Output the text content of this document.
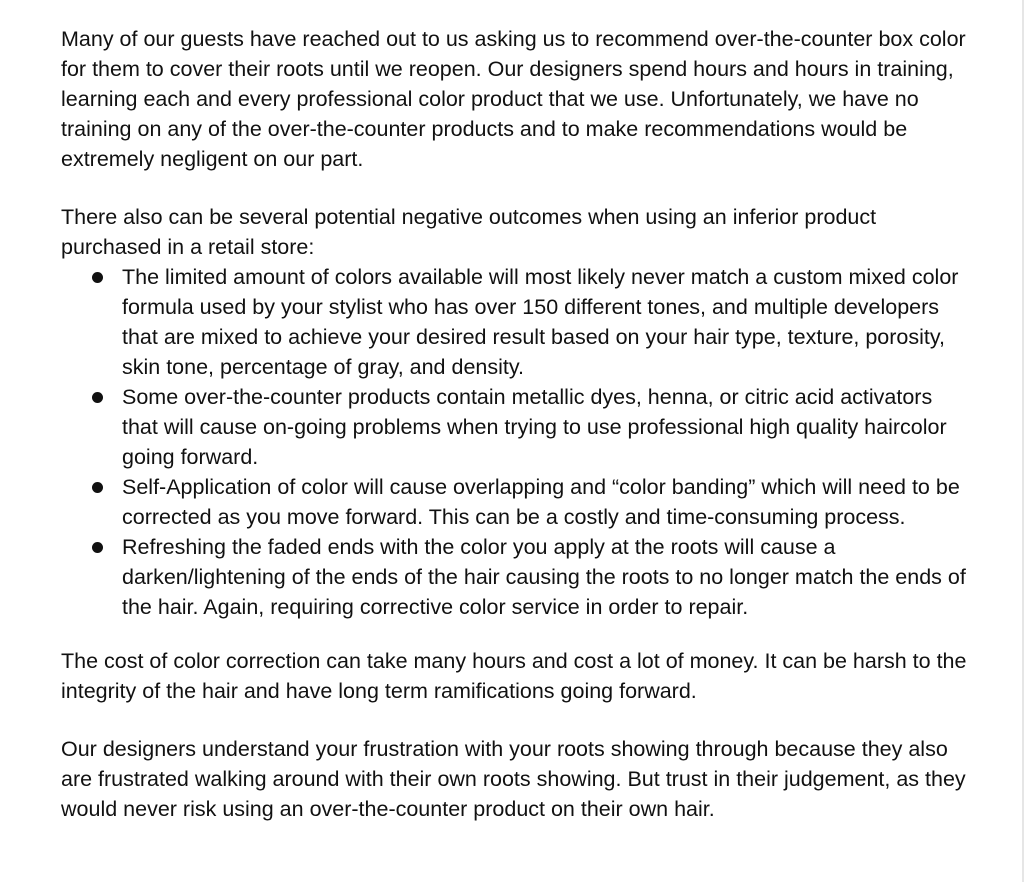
Many of our guests have reached out to us asking us to recommend over-the-counter box color for them to cover their roots until we reopen. Our designers spend hours and hours in training, learning each and every professional color product that we use. Unfortunately, we have no training on any of the over-the-counter products and to make recommendations would be extremely negligent on our part.

There also can be several potential negative outcomes when using an inferior product purchased in a retail store:

The limited amount of colors available will most likely never match a custom mixed color formula used by your stylist who has over 150 different tones, and multiple developers that are mixed to achieve your desired result based on your hair type, texture, porosity, skin tone, percentage of gray, and density.
Some over-the-counter products contain metallic dyes, henna, or citric acid activators that will cause on-going problems when trying to use professional high quality haircolor going forward.
Self-Application of color will cause overlapping and “color banding” which will need to be corrected as you move forward. This can be a costly and time-consuming process.
Refreshing the faded ends with the color you apply at the roots will cause a darken/lightening of the ends of the hair causing the roots to no longer match the ends of the hair. Again, requiring corrective color service in order to repair.

The cost of color correction can take many hours and cost a lot of money. It can be harsh to the integrity of the hair and have long term ramifications going forward.

Our designers understand your frustration with your roots showing through because they also are frustrated walking around with their own roots showing. But trust in their judgement, as they would never risk using an over-the-counter product on their own hair.
